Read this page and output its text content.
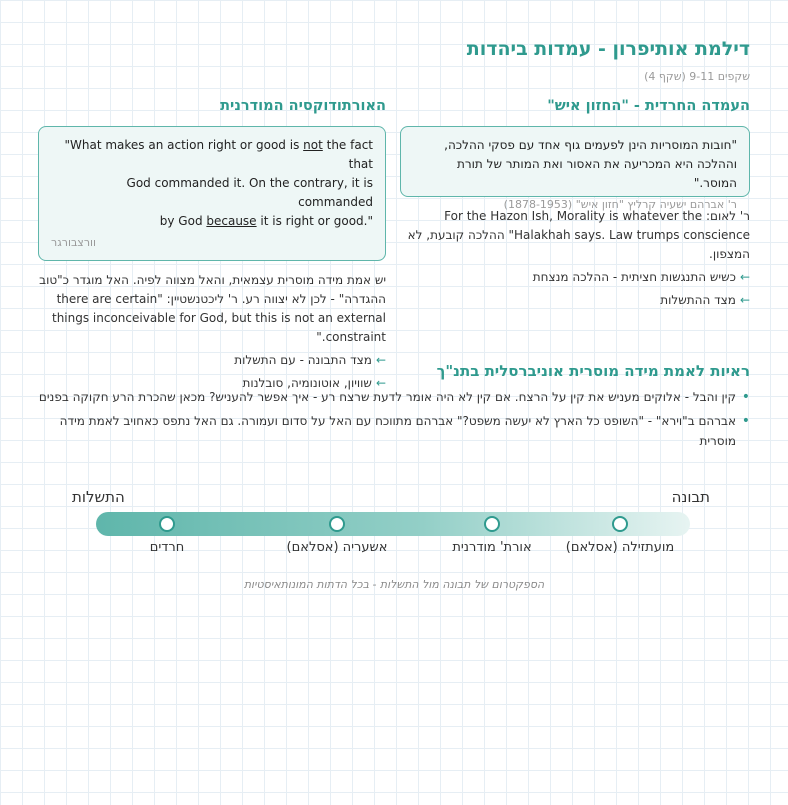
דילמת אותיפרון - עמדות ביהדות
שקפים 9-11 (שקף 4)
העמדה החרדית - "החזון איש"
"חובות המוסריות הינן לפעמים גוף אחד עם פסקי ההלכה,
וההלכה היא המכריעה את האסור ואת המותר של תורת המוסר."
ר' אברהם ישעיה קרליץ "חזון איש" (1878-1953)
ר' לאום: For the Hazon Ish, Morality is whatever the "Halakhah says. Law trumps conscience ההלכה קובעת, לא המצפון.
←כשיש התנגשות חציתית - ההלכה מנצחת
←מצד ההתשלות
האורתודוקסיה המודרנית
"What makes an action right or good is not the fact that
God commanded it. On the contrary, it is commanded
by God because it is right or good."
וורצבורגר
יש אמת מידה מוסרית עצמאית, והאל מצווה לפיה. האל מוגדר כ"טוב
ההגדרה" - לכן לא יצווה רע. ר' ליכטנשטיין: "there are certain
things inconceivable for God, but this is not an external
constraint."
←מצד התבונה - עם התשלות
←שוויון, אוטונומיה, סובלנות
ראיות לאמת מידה מוסרית אוניברסלית בתנ"ך
• קין והבל - אלוקים מעניש את קין על הרצח. אם קין לא היה אומר לדעת שרצח רע - איך אפשר להעניש? מכאן שהכרת הרע חקוקה בפנים
• אברהם ב"וירא" - "השופט כל הארץ לא יעשה משפט?" אברהם מתווכח עם האל על סדום ועמורה. גם האל נתפס כאחויב לאמת מידה מוסרית
התשלות	תבונה
חרדים	אשעריה (אסלאם)	אורת' מודרנית	מועתזילה (אסלאם)
הספקטרום של תבונה מול התשלות - בכל הדתות המונותאיסטיות
